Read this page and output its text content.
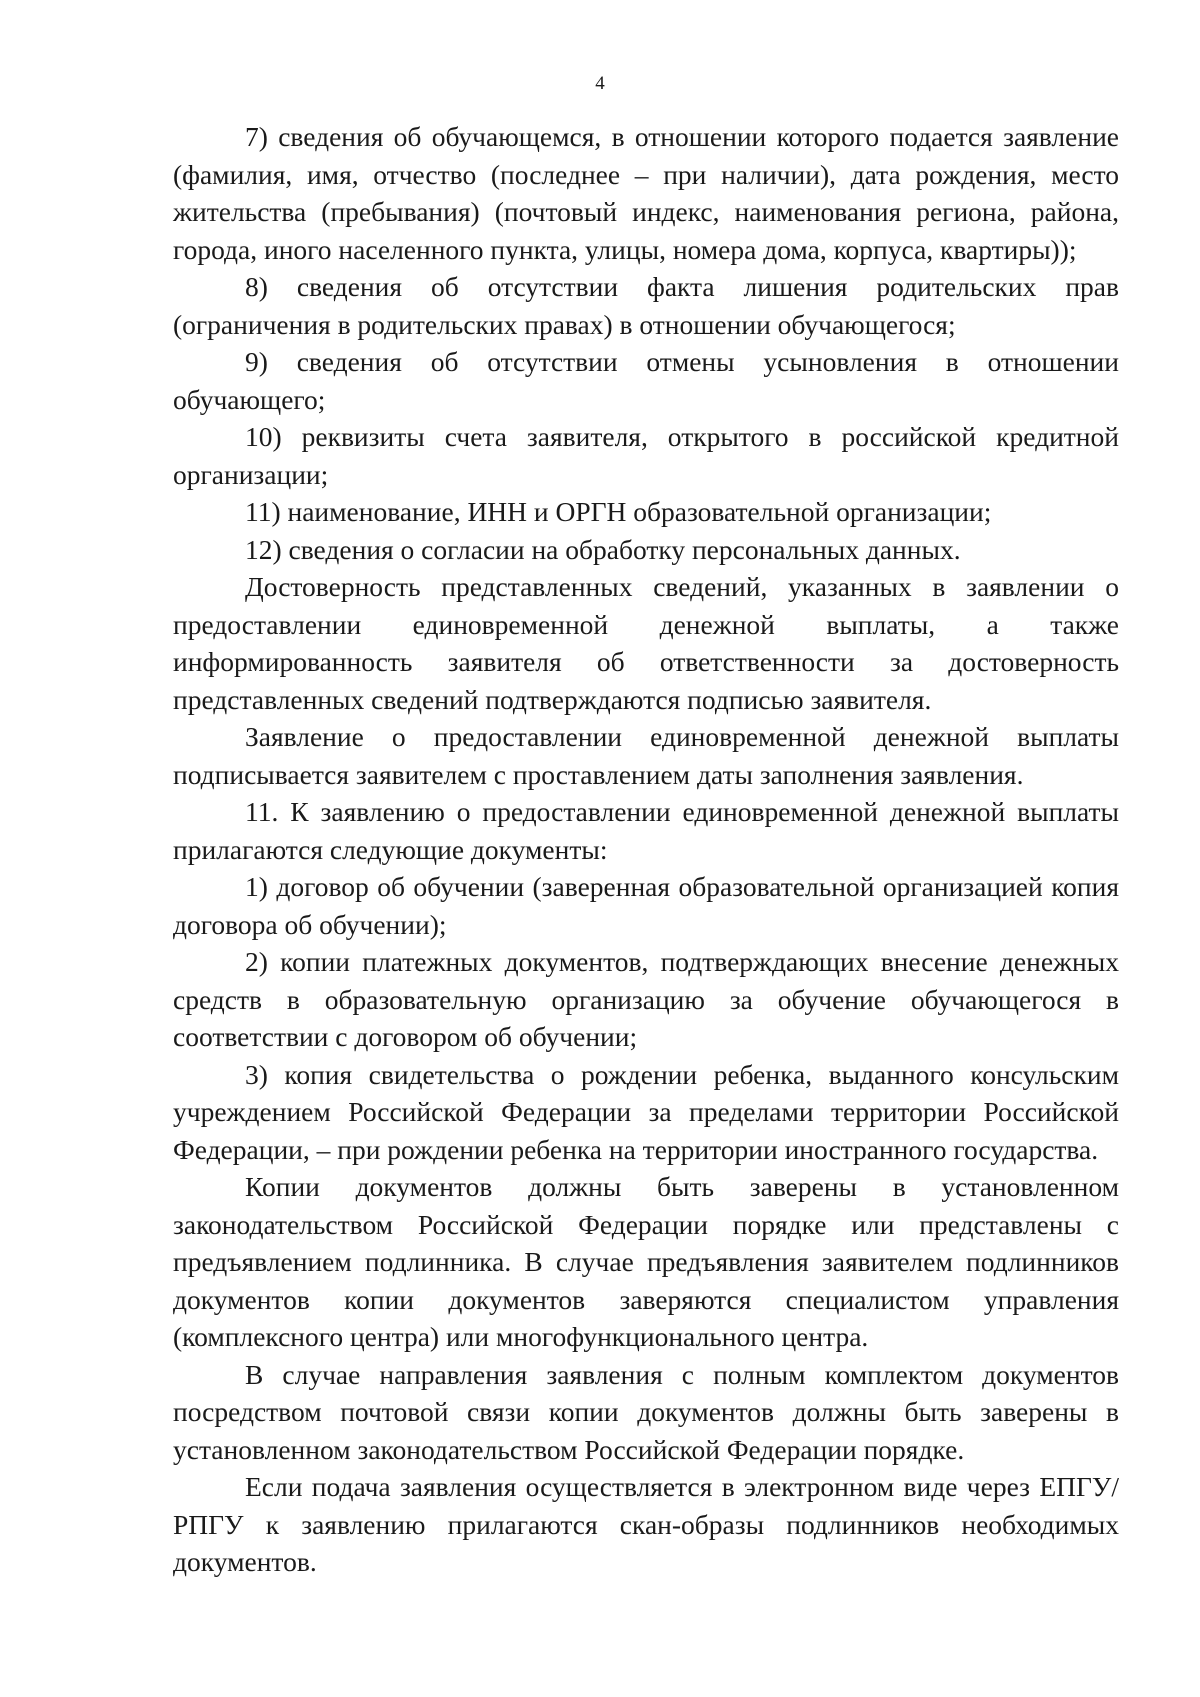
4

7) сведения об обучающемся, в отношении которого подается заявление (фамилия, имя, отчество (последнее – при наличии), дата рождения, место жительства (пребывания) (почтовый индекс, наименования региона, района, города, иного населенного пункта, улицы, номера дома, корпуса, квартиры));

8) сведения об отсутствии факта лишения родительских прав (ограничения в родительских правах) в отношении обучающегося;

9) сведения об отсутствии отмены усыновления в отношении обучающего;

10) реквизиты счета заявителя, открытого в российской кредитной организации;

11) наименование, ИНН и ОРГН образовательной организации;

12) сведения о согласии на обработку персональных данных.

Достоверность представленных сведений, указанных в заявлении о предоставлении единовременной денежной выплаты, а также информированность заявителя об ответственности за достоверность представленных сведений подтверждаются подписью заявителя.

Заявление о предоставлении единовременной денежной выплаты подписывается заявителем с проставлением даты заполнения заявления.

11. К заявлению о предоставлении единовременной денежной выплаты прилагаются следующие документы:

1) договор об обучении (заверенная образовательной организацией копия договора об обучении);

2) копии платежных документов, подтверждающих внесение денежных средств в образовательную организацию за обучение обучающегося в соответствии с договором об обучении;

3) копия свидетельства о рождении ребенка, выданного консульским учреждением Российской Федерации за пределами территории Российской Федерации, – при рождении ребенка на территории иностранного государства.

Копии документов должны быть заверены в установленном законодательством Российской Федерации порядке или представлены с предъявлением подлинника. В случае предъявления заявителем подлинников документов копии документов заверяются специалистом управления (комплексного центра) или многофункционального центра.

В случае направления заявления с полным комплектом документов посредством почтовой связи копии документов должны быть заверены в установленном законодательством Российской Федерации порядке.

Если подача заявления осуществляется в электронном виде через ЕПГУ/РПГУ к заявлению прилагаются скан-образы подлинников необходимых документов.
